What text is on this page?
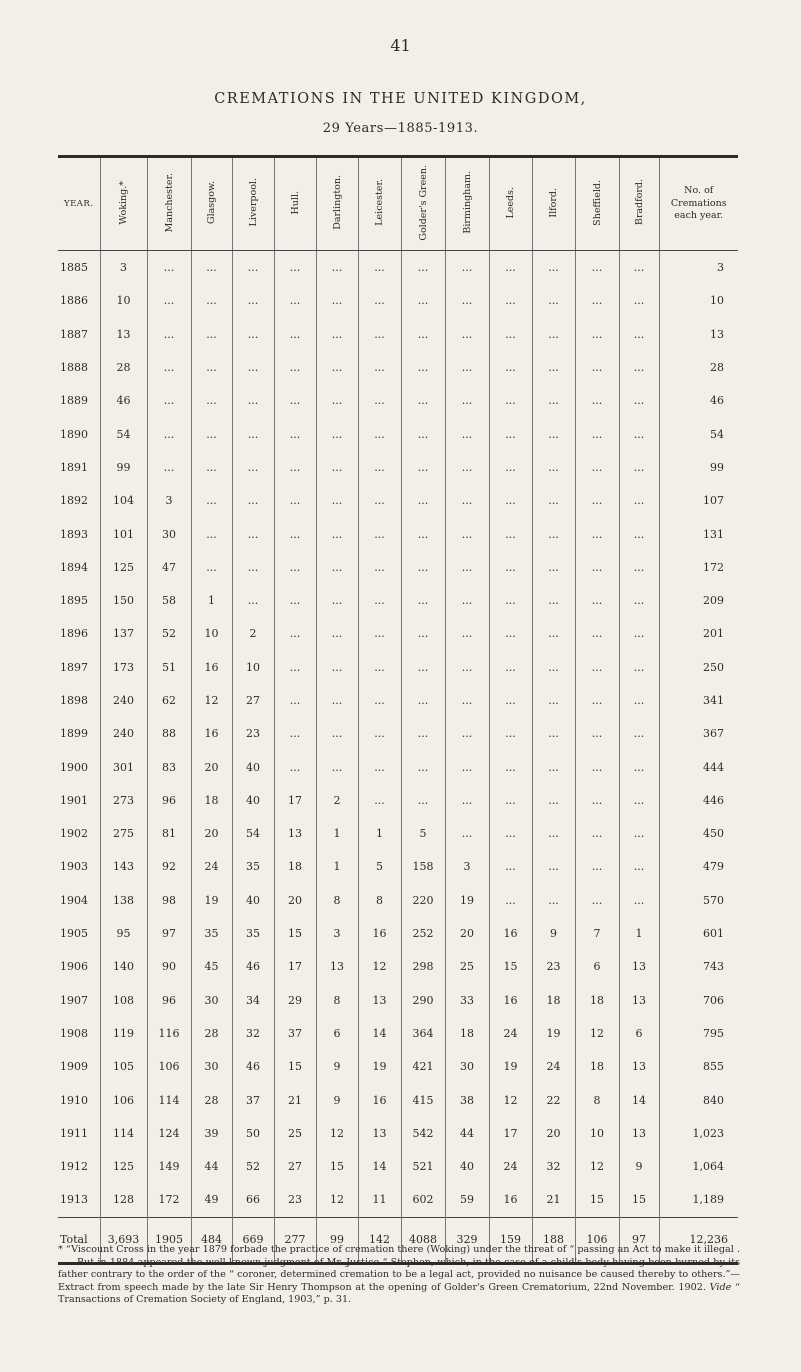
41
CREMATIONS IN THE UNITED KINGDOM,
29 Years—1885-1913.
YEAR.	Woking.*	Manchester.	Glasgow.	Liverpool.	Hull.	Darlington.	Leicester.	Golder's Green.	Birmingham.	Leeds.	Ilford.	Sheffield.	Bradford.	No. of Cremations each year.
1885	3	...	...	...	...	...	...	...	...	...	...	...	...	3
1886	10	...	...	...	...	...	...	...	...	...	...	...	...	10
1887	13	...	...	...	...	...	...	...	...	...	...	...	...	13
1888	28	...	...	...	...	...	...	...	...	...	...	...	...	28
1889	46	...	...	...	...	...	...	...	...	...	...	...	...	46
1890	54	...	...	...	...	...	...	...	...	...	...	...	...	54
1891	99	...	...	...	...	...	...	...	...	...	...	...	...	99
1892	104	3	...	...	...	...	...	...	...	...	...	...	...	107
1893	101	30	...	...	...	...	...	...	...	...	...	...	...	131
1894	125	47	...	...	...	...	...	...	...	...	...	...	...	172
1895	150	58	1	...	...	...	...	...	...	...	...	...	...	209
1896	137	52	10	2	...	...	...	...	...	...	...	...	...	201
1897	173	51	16	10	...	...	...	...	...	...	...	...	...	250
1898	240	62	12	27	...	...	...	...	...	...	...	...	...	341
1899	240	88	16	23	...	...	...	...	...	...	...	...	...	367
1900	301	83	20	40	...	...	...	...	...	...	...	...	...	444
1901	273	96	18	40	17	2	...	...	...	...	...	...	...	446
1902	275	81	20	54	13	1	1	5	...	...	...	...	...	450
1903	143	92	24	35	18	1	5	158	3	...	...	...	...	479
1904	138	98	19	40	20	8	8	220	19	...	...	...	...	570
1905	95	97	35	35	15	3	16	252	20	16	9	7	1	601
1906	140	90	45	46	17	13	12	298	25	15	23	6	13	743
1907	108	96	30	34	29	8	13	290	33	16	18	18	13	706
1908	119	116	28	32	37	6	14	364	18	24	19	12	6	795
1909	105	106	30	46	15	9	19	421	30	19	24	18	13	855
1910	106	114	28	37	21	9	16	415	38	12	22	8	14	840
1911	114	124	39	50	25	12	13	542	44	17	20	10	13	1,023
1912	125	149	44	52	27	15	14	521	40	24	32	12	9	1,064
1913	128	172	49	66	23	12	11	602	59	16	21	15	15	1,189
Total	3,693	1905	484	669	277	99	142	4088	329	159	188	106	97	12,236
* “Viscount Cross in the year 1879 forbade the practice of cremation there (Woking) under the threat of “ passing an Act to make it illegal . . . . But in 1884 appeared the well-known judgment of Mr. Justice “ Stephen, which, in the case of a child's body having been burned by its father contrary to the order of the “ coroner, determined cremation to be a legal act, provided no nuisance be caused thereby to others.”—Extract from speech made by the late Sir Henry Thompson at the opening of Golder's Green Crematorium, 22nd November. 1902. Vide “ Transactions of Cremation Society of England, 1903,” p. 31.
